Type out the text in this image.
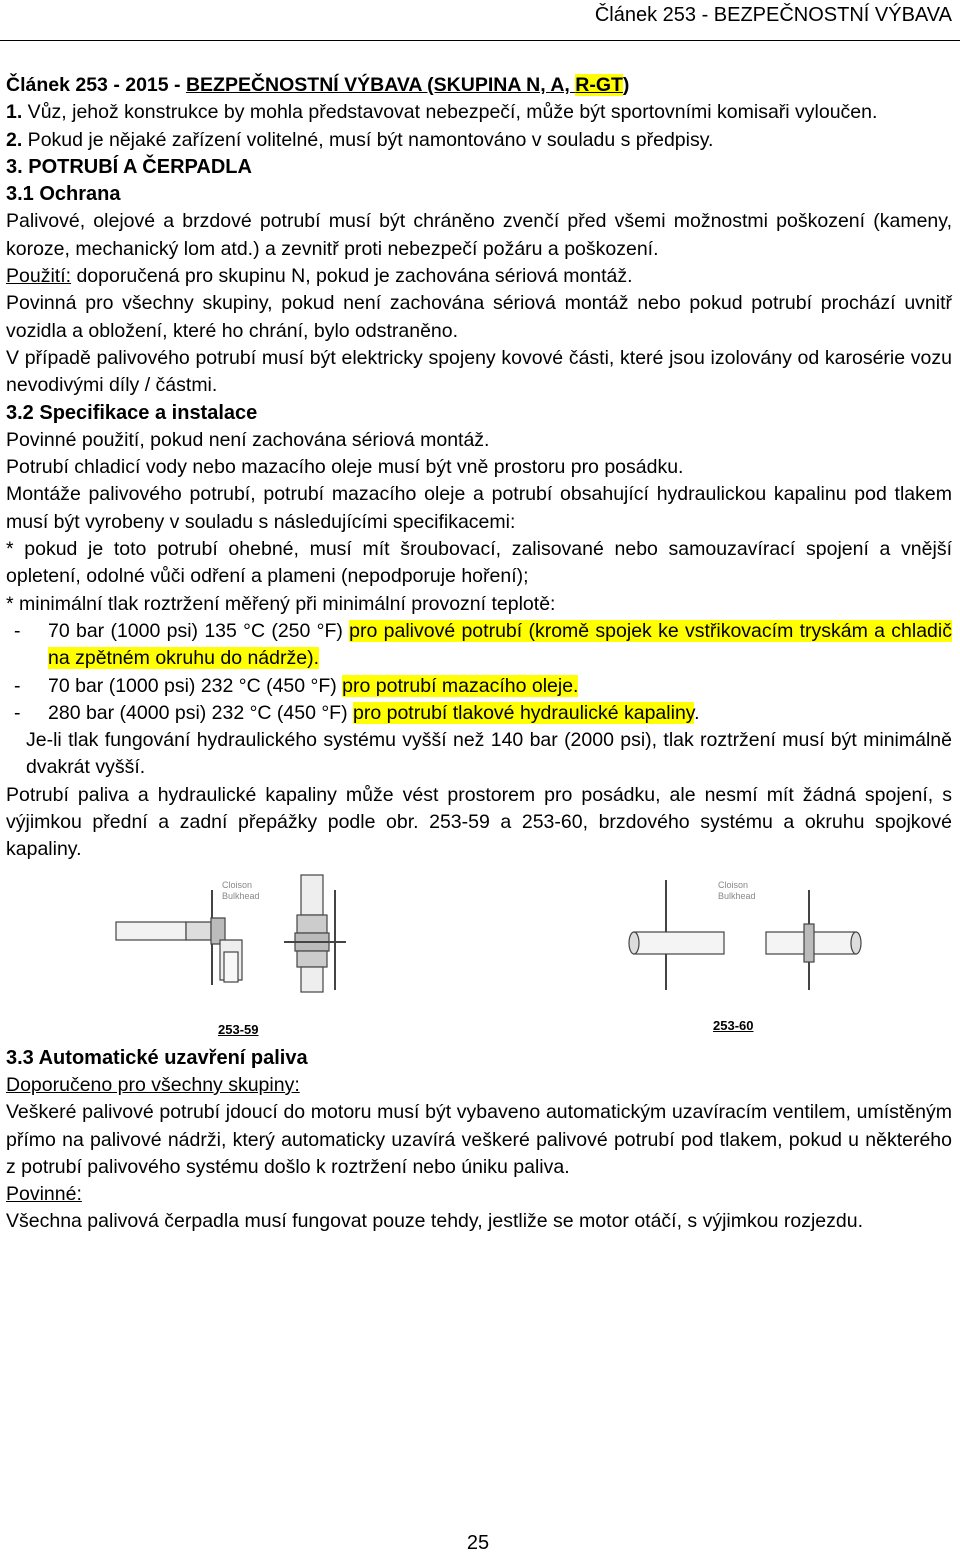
Článek 253 - BEZPEČNOSTNÍ VÝBAVA

Článek 253 - 2015 - BEZPEČNOSTNÍ VÝBAVA (SKUPINA N, A, R-GT)

1. Vůz, jehož konstrukce by mohla představovat nebezpečí, může být sportovními komisaři vyloučen.

2. Pokud je nějaké zařízení volitelné, musí být namontováno v souladu s předpisy.

3. POTRUBÍ A ČERPADLA

3.1 Ochrana

Palivové, olejové a brzdové potrubí musí být chráněno zvenčí před všemi možnostmi poškození (kameny, koroze, mechanický lom atd.) a zevnitř proti nebezpečí požáru a poškození.

Použití: doporučená pro skupinu N, pokud je zachována sériová montáž.

Povinná pro všechny skupiny, pokud není zachována sériová montáž nebo pokud potrubí prochází uvnitř vozidla a obložení, které ho chrání, bylo odstraněno.

V případě palivového potrubí musí být elektricky spojeny kovové části, které jsou izolovány od karosérie vozu nevodivými díly / částmi.

3.2 Specifikace a instalace

Povinné použití, pokud není zachována sériová montáž.

Potrubí chladicí vody nebo mazacího oleje musí být vně prostoru pro posádku.

Montáže palivového potrubí, potrubí mazacího oleje a potrubí obsahující hydraulickou kapalinu pod tlakem musí být vyrobeny v souladu s následujícími specifikacemi:

* pokud je toto potrubí ohebné, musí mít šroubovací, zalisované nebo samouzavírací spojení a vnější opletení, odolné vůči odření a plameni (nepodporuje hoření);

* minimální tlak roztržení měřený při minimální provozní teplotě:

-	70 bar (1000 psi) 135 °C (250 °F) pro palivové potrubí (kromě spojek ke vstřikovacím tryskám a chladič na zpětném okruhu do nádrže).
-	70 bar (1000 psi) 232 °C (450 °F) pro potrubí mazacího oleje.
-	280 bar (4000 psi) 232 °C (450 °F) pro potrubí tlakové hydraulické kapaliny.

Je-li tlak fungování hydraulického systému vyšší než 140 bar (2000 psi), tlak roztržení musí být minimálně dvakrát vyšší.

Potrubí paliva a hydraulické kapaliny může vést prostorem pro posádku, ale nesmí mít žádná spojení, s výjimkou přední a zadní přepážky podle obr. 253-59 a 253-60, brzdového systému a okruhu spojkové kapaliny.

Cloison
Bulkhead
Cloison
Bulkhead
253-59	253-60

3.3 Automatické uzavření paliva

Doporučeno pro všechny skupiny:

Veškeré palivové potrubí jdoucí do motoru musí být vybaveno automatickým uzavíracím ventilem, umístěným přímo na palivové nádrži, který automaticky uzavírá veškeré palivové potrubí pod tlakem, pokud u některého z potrubí palivového systému došlo k roztržení nebo úniku paliva.

Povinné:

Všechna palivová čerpadla musí fungovat pouze tehdy, jestliže se motor otáčí, s výjimkou rozjezdu.

25
